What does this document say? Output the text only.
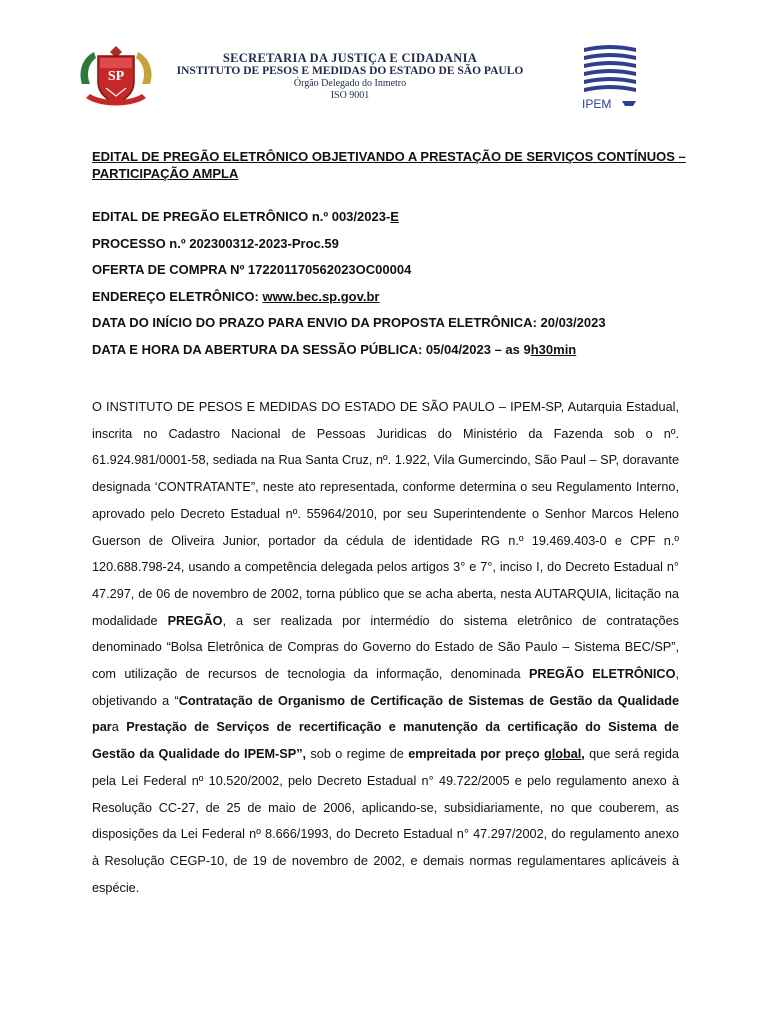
SP
SECRETARIA DA JUSTIÇA E CIDADANIA
INSTITUTO DE PESOS E MEDIDAS DO ESTADO DE SÃO PAULO
Órgão Delegado do Inmetro
ISO 9001
IPEM
EDITAL DE PREGÃO ELETRÔNICO OBJETIVANDO A PRESTAÇÃO DE SERVIÇOS CONTÍNUOS – PARTICIPAÇÃO AMPLA
EDITAL DE PREGÃO ELETRÔNICO n.º 003/2023-E
PROCESSO n.º 202300312-2023-Proc.59
OFERTA DE COMPRA Nº 172201170562023OC00004
ENDEREÇO ELETRÔNICO: www.bec.sp.gov.br
DATA DO INÍCIO DO PRAZO PARA ENVIO DA PROPOSTA ELETRÔNICA: 20/03/2023
DATA E HORA DA ABERTURA DA SESSÃO PÚBLICA: 05/04/2023 – as 9h30min
O INSTITUTO DE PESOS E MEDIDAS DO ESTADO DE SÃO PAULO – IPEM-SP, Autarquia Estadual, inscrita no Cadastro Nacional de Pessoas Juridicas do Ministério da Fazenda sob o nº. 61.924.981/0001-58, sediada na Rua Santa Cruz, nº. 1.922, Vila Gumercindo, São Paul – SP, doravante designada ‘CONTRATANTE”, neste ato representada, conforme determina o seu Regulamento Interno, aprovado pelo Decreto Estadual nº. 55964/2010, por seu Superintendente o Senhor Marcos Heleno Guerson de Oliveira Junior, portador da cédula de identidade RG n.º 19.469.403-0 e CPF n.º 120.688.798-24, usando a competência delegada pelos artigos 3° e 7°, inciso I, do Decreto Estadual n° 47.297, de 06 de novembro de 2002, torna público que se acha aberta, nesta AUTARQUIA, licitação na modalidade PREGÃO, a ser realizada por intermédio do sistema eletrônico de contratações denominado “Bolsa Eletrônica de Compras do Governo do Estado de São Paulo – Sistema BEC/SP”, com utilização de recursos de tecnologia da informação, denominada PREGÃO ELETRÔNICO, objetivando a “Contratação de Organismo de Certificação de Sistemas de Gestão da Qualidade para Prestação de Serviços de recertificação e manutenção da certificação do Sistema de Gestão da Qualidade do IPEM-SP”, sob o regime de empreitada por preço global, que será regida pela Lei Federal nº 10.520/2002, pelo Decreto Estadual n° 49.722/2005 e pelo regulamento anexo à Resolução CC-27, de 25 de maio de 2006, aplicando-se, subsidiariamente, no que couberem, as disposições da Lei Federal nº 8.666/1993, do Decreto Estadual n° 47.297/2002, do regulamento anexo à Resolução CEGP-10, de 19 de novembro de 2002, e demais normas regulamentares aplicáveis à espécie.
